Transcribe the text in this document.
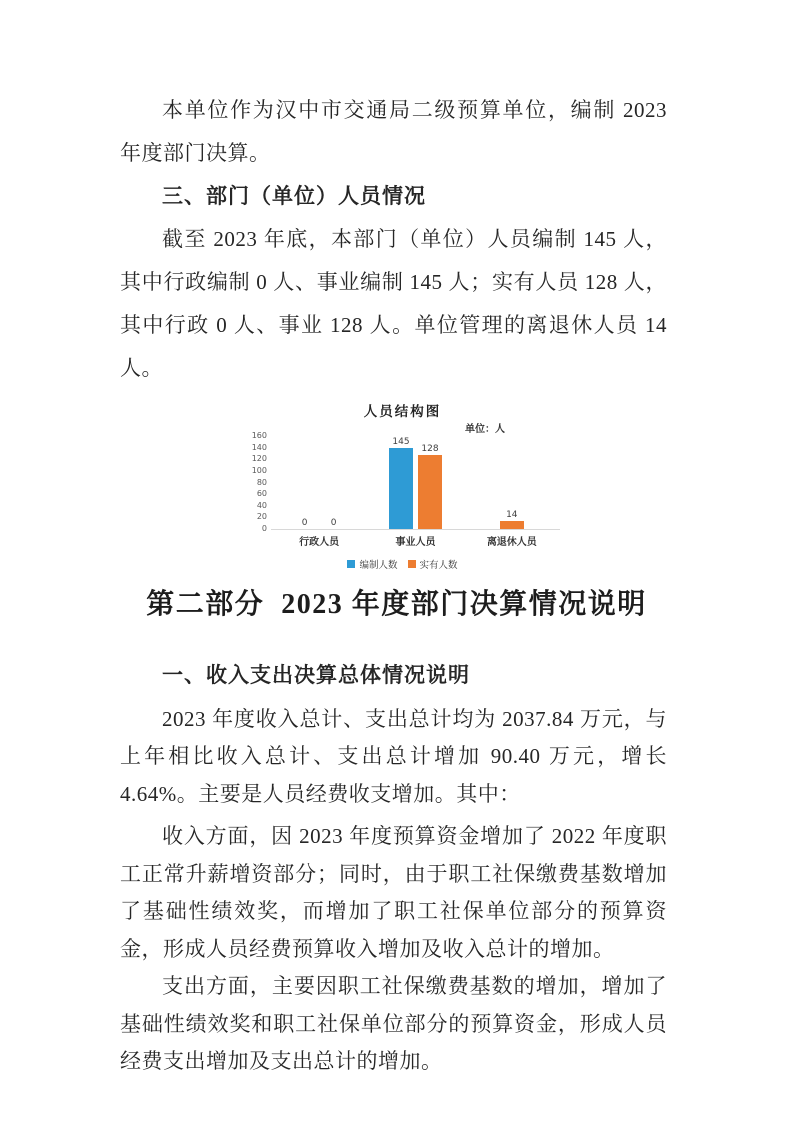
本单位作为汉中市交通局二级预算单位，编制 2023 年度部门决算。

三、部门（单位）人员情况

截至 2023 年底，本部门（单位）人员编制 145 人，其中行政编制 0 人、事业编制 145 人；实有人员 128 人，其中行政 0 人、事业 128 人。单位管理的离退休人员 14 人。

人员结构图
单位：人
0
20
40
60
80
100
120
140
160
0	0
145
128
14
行政人员	事业人员	离退休人员
编制人数 实有人数
第二部分  2023 年度部门决算情况说明
一、收入支出决算总体情况说明

2023 年度收入总计、支出总计均为 2037.84 万元，与上年相比收入总计、支出总计增加 90.40 万元，增长 4.64%。主要是人员经费收支增加。其中：

收入方面，因 2023 年度预算资金增加了 2022 年度职工正常升薪增资部分；同时，由于职工社保缴费基数增加了基础性绩效奖，而增加了职工社保单位部分的预算资金，形成人员经费预算收入增加及收入总计的增加。

支出方面，主要因职工社保缴费基数的增加，增加了基础性绩效奖和职工社保单位部分的预算资金，形成人员经费支出增加及支出总计的增加。
